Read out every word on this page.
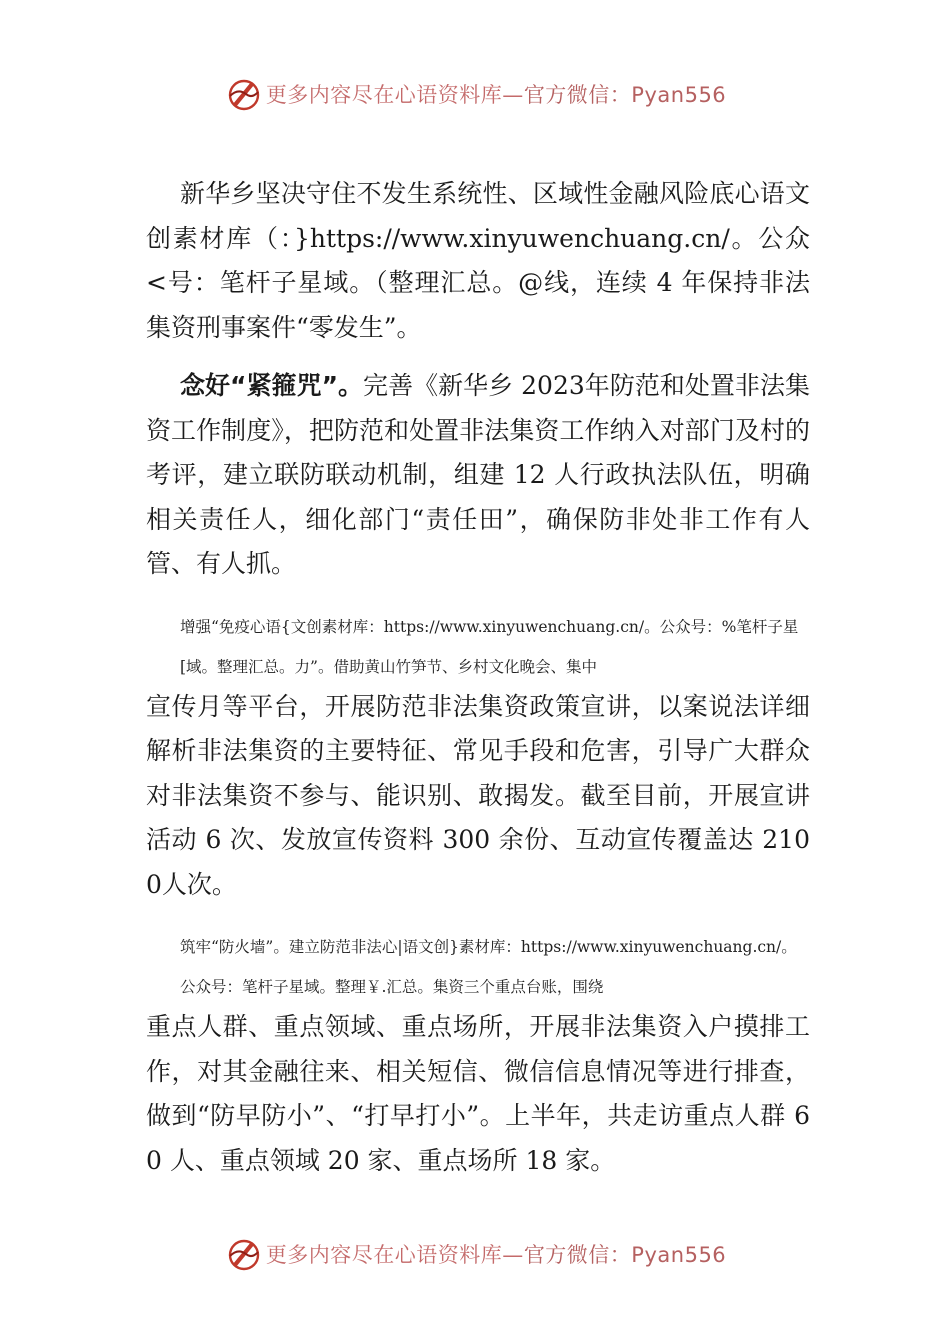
更多内容尽在心语资料库—官方微信：Pyan556

新华乡坚决守住不发生系统性、区域性金融风险底心语文创素材库（：}https://www.xinyuwenchuang.cn/。公众<号：笔杆子星域。（整理汇总。@线，连续 4 年保持非法集资刑事案件“零发生”。

念好“紧箍咒”。完善《新华乡 2023年防范和处置非法集资工作制度》，把防范和处置非法集资工作纳入对部门及村的考评，建立联防联动机制，组建 12 人行政执法队伍，明确相关责任人，细化部门“责任田”，确保防非处非工作有人管、有人抓。

增强“免疫心语{文创素材库：https://www.xinyuwenchuang.cn/。公众号：%笔杆子星[域。整理汇总。力”。借助黄山竹笋节、乡村文化晚会、集中

宣传月等平台，开展防范非法集资政策宣讲，以案说法详细解析非法集资的主要特征、常见手段和危害，引导广大群众对非法集资不参与、能识别、敢揭发。截至目前，开展宣讲 活动 6 次、发放宣传资料 300 余份、互动宣传覆盖达 2100人次。

筑牢“防火墙”。建立防范非法心|语文创}素材库：https://www.xinyuwenchuang.cn/。公众号：笔杆子星域。整理￥.汇总。集资三个重点台账，围绕

重点人群、重点领域、重点场所，开展非法集资入户摸排工作，对其金融往来、相关短信、微信信息情况等进行排查，做到“防早防小”、“打早打小”。上半年，共走访重点人群 60 人、重点领域 20 家、重点场所 18 家。

更多内容尽在心语资料库—官方微信：Pyan556
